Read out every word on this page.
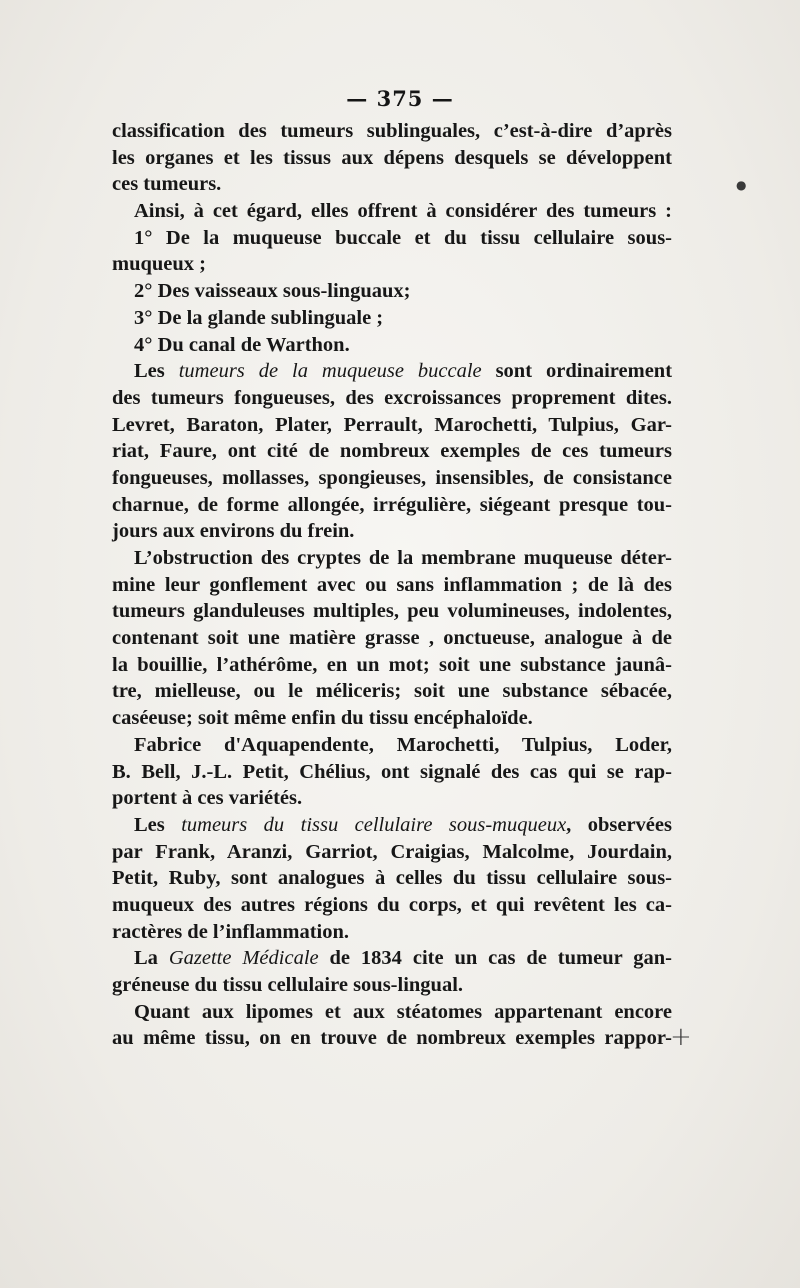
— 375 —
classification des tumeurs sublinguales, c’est-à-dire d’après
les organes et les tissus aux dépens desquels se développent
ces tumeurs.
Ainsi, à cet égard, elles offrent à considérer des tumeurs :
1° De la muqueuse buccale et du tissu cellulaire sous-
muqueux ;
2° Des vaisseaux sous-linguaux;
3° De la glande sublinguale ;
4° Du canal de Warthon.
Les tumeurs de la muqueuse buccale sont ordinairement
des tumeurs fongueuses, des excroissances proprement dites.
Levret, Baraton, Plater, Perrault, Marochetti, Tulpius, Gar-
riat, Faure, ont cité de nombreux exemples de ces tumeurs
fongueuses, mollasses, spongieuses, insensibles, de consistance
charnue, de forme allongée, irrégulière, siégeant presque tou-
jours aux environs du frein.
L’obstruction des cryptes de la membrane muqueuse déter-
mine leur gonflement avec ou sans inflammation ; de là des
tumeurs glanduleuses multiples, peu volumineuses, indolentes,
contenant soit une matière grasse , onctueuse, analogue à de
la bouillie, l’athérôme, en un mot; soit une substance jaunâ-
tre, mielleuse, ou le méliceris; soit une substance sébacée,
caséeuse; soit même enfin du tissu encéphaloïde.
Fabrice d'Aquapendente, Marochetti, Tulpius, Loder,
B. Bell, J.-L. Petit, Chélius, ont signalé des cas qui se rap-
portent à ces variétés.
Les tumeurs du tissu cellulaire sous-muqueux, observées
par Frank, Aranzi, Garriot, Craigias, Malcolme, Jourdain,
Petit, Ruby, sont analogues à celles du tissu cellulaire sous-
muqueux des autres régions du corps, et qui revêtent les ca-
ractères de l’inflammation.
La Gazette Médicale de 1834 cite un cas de tumeur gan-
gréneuse du tissu cellulaire sous-lingual.
Quant aux lipomes et aux stéatomes appartenant encore
au même tissu, on en trouve de nombreux exemples rappor-
●
+
